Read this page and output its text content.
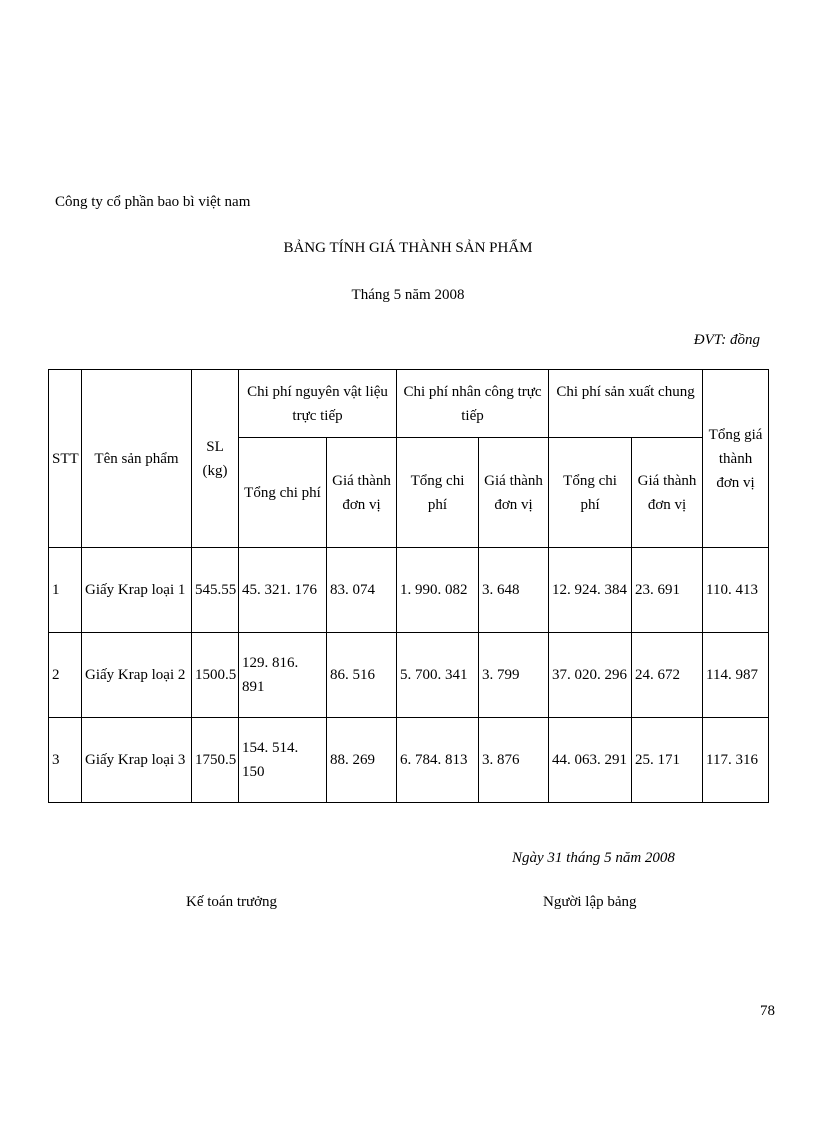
Công ty cổ phần bao bì việt nam
BẢNG TÍNH GIÁ THÀNH SẢN PHẨM
Tháng 5 năm 2008
ĐVT: đồng
STT	Tên sản phẩm	SL (kg)	Chi phí nguyên vật liệu trực tiếp		Chi phí nhân công trực tiếp		Chi phí sản xuất chung		Tổng giá thành đơn vị
			Tổng chi phí	Giá thành đơn vị	Tổng chi phí	Giá thành đơn vị	Tổng chi phí	Giá thành đơn vị	
1	Giấy Krap loại 1	545.55	45. 321. 176	83. 074	1. 990. 082	3. 648	12. 924. 384	23. 691	110. 413
2	Giấy Krap loại 2	1500.5	129. 816. 891	86. 516	5. 700. 341	3. 799	37. 020. 296	24. 672	114. 987
3	Giấy Krap loại 3	1750.5	154. 514. 150	88. 269	6. 784. 813	3. 876	44. 063. 291	25. 171	117. 316
Ngày 31 tháng 5 năm 2008
Kế toán trưởng	Người lập bảng
78
